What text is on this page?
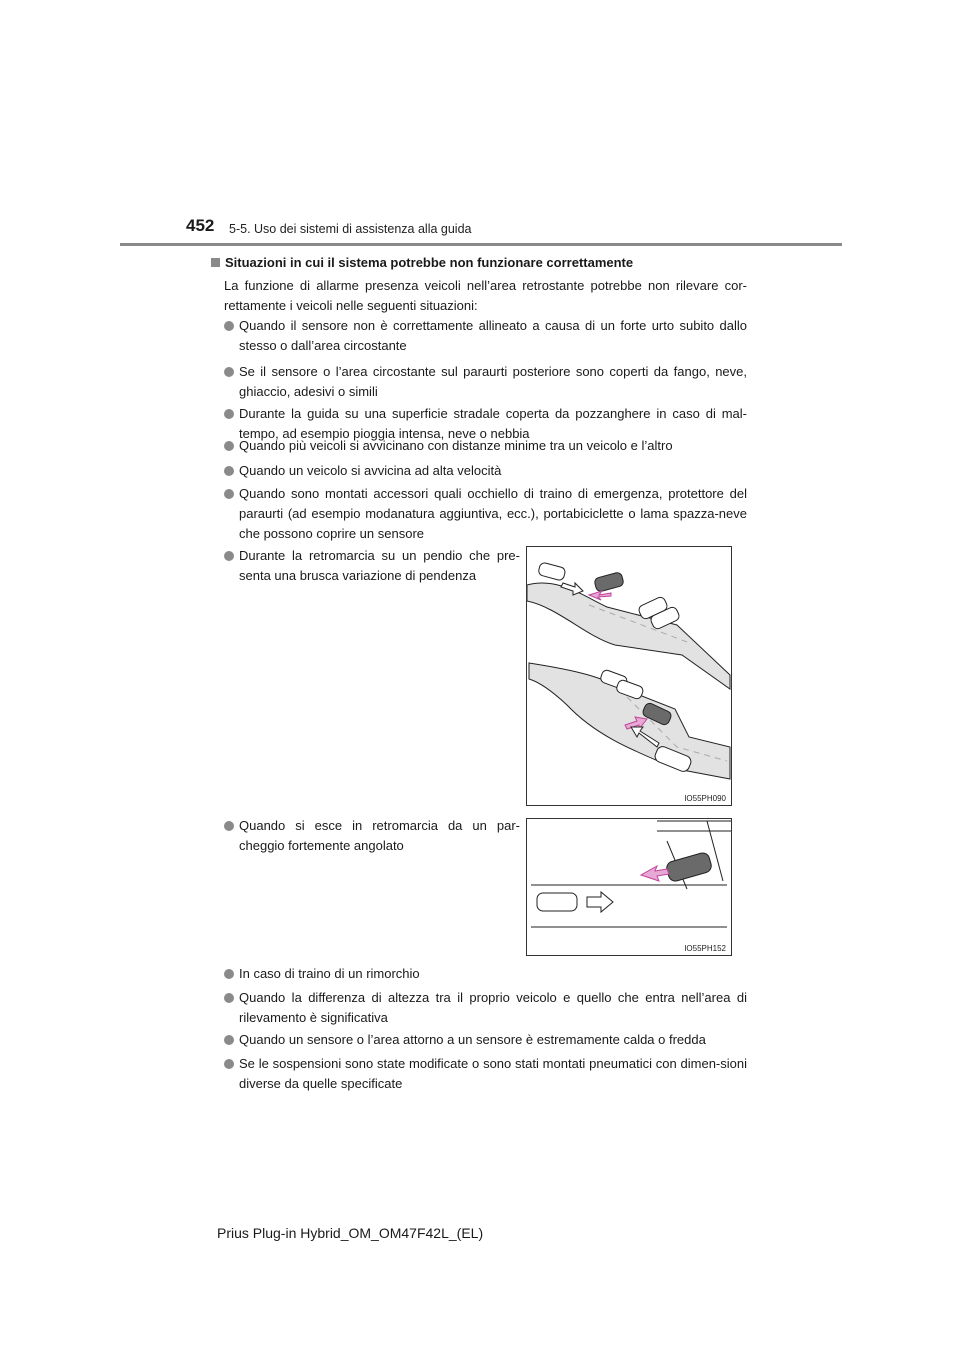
452 5-5. Uso dei sistemi di assistenza alla guida
Situazioni in cui il sistema potrebbe non funzionare correttamente
La funzione di allarme presenza veicoli nell’area retrostante potrebbe non rilevare cor-rettamente i veicoli nelle seguenti situazioni:
Quando il sensore non è correttamente allineato a causa di un forte urto subito dallo stesso o dall’area circostante
Se il sensore o l’area circostante sul paraurti posteriore sono coperti da fango, neve, ghiaccio, adesivi o simili
Durante la guida su una superficie stradale coperta da pozzanghere in caso di mal-tempo, ad esempio pioggia intensa, neve o nebbia
Quando più veicoli si avvicinano con distanze minime tra un veicolo e l’altro
Quando un veicolo si avvicina ad alta velocità
Quando sono montati accessori quali occhiello di traino di emergenza, protettore del paraurti (ad esempio modanatura aggiuntiva, ecc.), portabiciclette o lama spazza-neve che possono coprire un sensore
Durante la retromarcia su un pendio che pre-senta una brusca variazione di pendenza
Quando si esce in retromarcia da un par-cheggio fortemente angolato
In caso di traino di un rimorchio
Quando la differenza di altezza tra il proprio veicolo e quello che entra nell’area di rilevamento è significativa
Quando un sensore o l’area attorno a un sensore è estremamente calda o fredda
Se le sospensioni sono state modificate o sono stati montati pneumatici con dimen-sioni diverse da quelle specificate
IO55PH090
IO55PH152
Prius Plug-in Hybrid_OM_OM47F42L_(EL)
